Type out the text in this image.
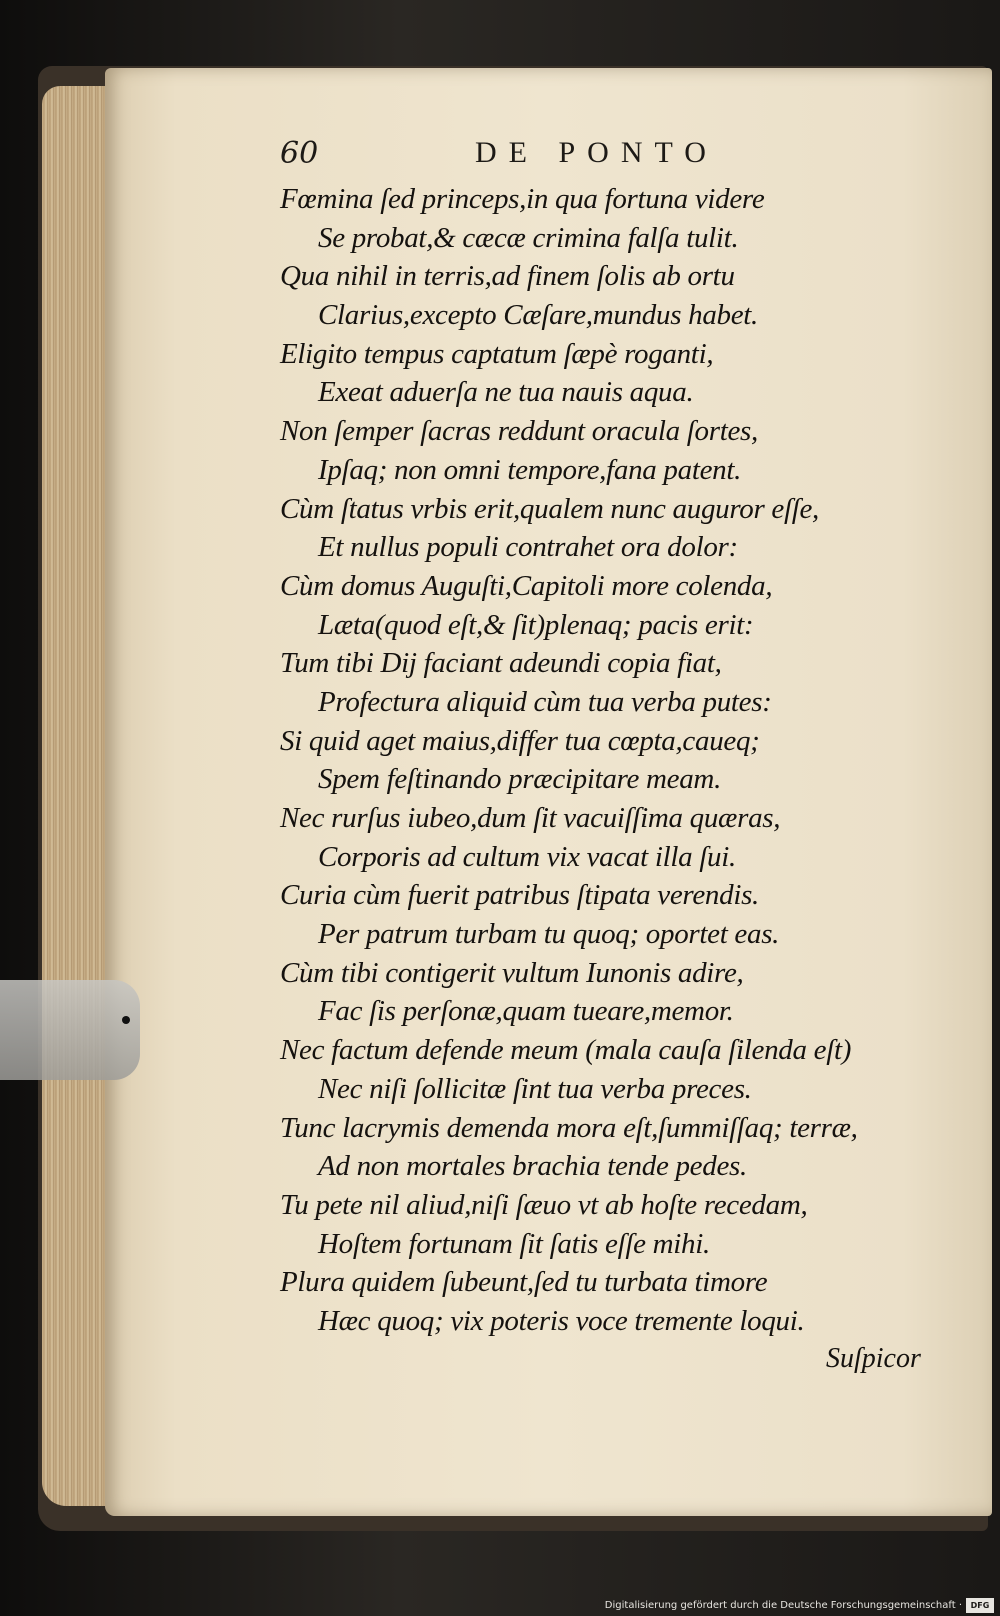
60	DE PONTO
Fœmina ſed princeps,in qua fortuna videre
Se probat,& cæcæ crimina falſa tulit.
Qua nihil in terris,ad finem ſolis ab ortu
Clarius,excepto Cæſare,mundus habet.
Eligito tempus captatum ſæpè roganti,
Exeat aduerſa ne tua nauis aqua.
Non ſemper ſacras reddunt oracula ſortes,
Ipſaq; non omni tempore,fana patent.
Cùm ſtatus vrbis erit,qualem nunc auguror eſſe,
Et nullus populi contrahet ora dolor:
Cùm domus Auguſti,Capitoli more colenda,
Læta(quod eſt,& ſit)plenaq; pacis erit:
Tum tibi Dij faciant adeundi copia fiat,
Profectura aliquid cùm tua verba putes:
Si quid aget maius,differ tua cœpta,caueq;
Spem feſtinando præcipitare meam.
Nec rurſus iubeo,dum ſit vacuiſſima quæras,
Corporis ad cultum vix vacat illa ſui.
Curia cùm fuerit patribus ſtipata verendis.
Per patrum turbam tu quoq; oportet eas.
Cùm tibi contigerit vultum Iunonis adire,
Fac ſis perſonæ,quam tueare,memor.
Nec factum defende meum (mala cauſa ſilenda eſt)
Nec niſi ſollicitæ ſint tua verba preces.
Tunc lacrymis demenda mora eſt,ſummiſſaq; terræ,
Ad non mortales brachia tende pedes.
Tu pete nil aliud,niſi ſæuo vt ab hoſte recedam,
Hoſtem fortunam ſit ſatis eſſe mihi.
Plura quidem ſubeunt,ſed tu turbata timore
Hæc quoq; vix poteris voce tremente loqui.
Suſpicor
Digitalisierung gefördert durch die Deutsche Forschungsgemeinschaft ·	DFG
